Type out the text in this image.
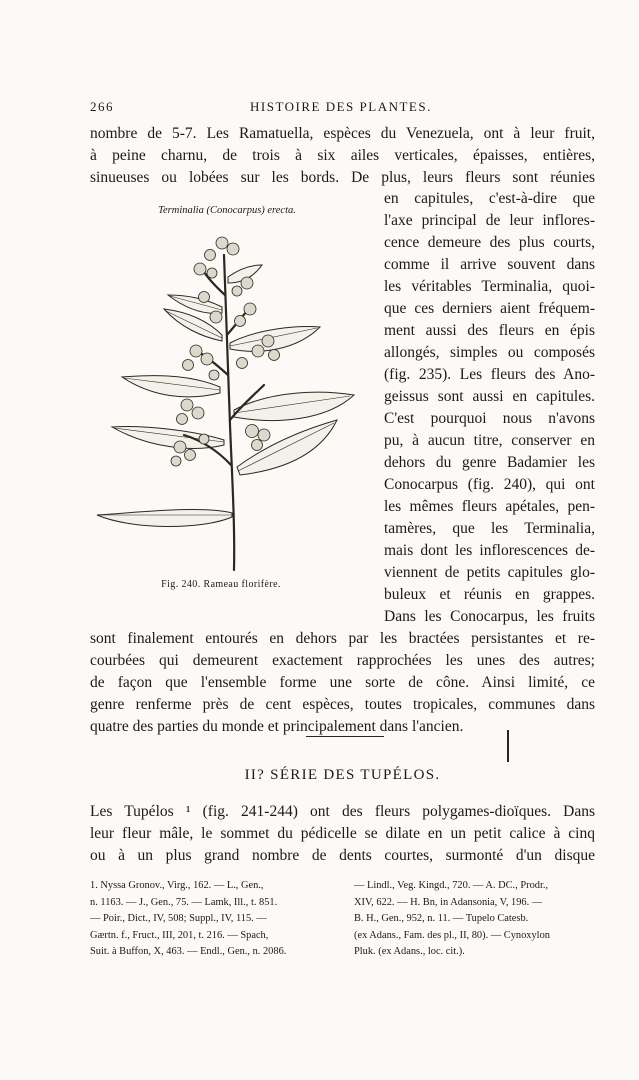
266	HISTOIRE DES PLANTES.
nombre de 5-7. Les Ramatuella, espèces du Venezuela, ont à leur fruit,
à peine charnu, de trois à six ailes verticales, épaisses, entières,
sinueuses ou lobées sur les bords. De plus, leurs fleurs sont réunies
en capitules, c'est-à-dire que
l'axe principal de leur inflores-
cence demeure des plus courts,
comme il arrive souvent dans
les véritables Terminalia, quoi-
que ces derniers aient fréquem-
ment aussi des fleurs en épis
allongés, simples ou composés
(fig. 235). Les fleurs des Ano-
geissus sont aussi en capitules.
C'est pourquoi nous n'avons
pu, à aucun titre, conserver en
dehors du genre Badamier les
Conocarpus (fig. 240), qui ont
les mêmes fleurs apétales, pen-
tamères, que les Terminalia,
mais dont les inflorescences de-
viennent de petits capitules glo-
buleux et réunis en grappes.
Dans les Conocarpus, les fruits
Terminalia (Conocarpus) erecta.
Fig. 240. Rameau florifère.
sont finalement entourés en dehors par les bractées persistantes et re-
courbées qui demeurent exactement rapprochées les unes des autres;
de façon que l'ensemble forme une sorte de cône. Ainsi limité, ce
genre renferme près de cent espèces, toutes tropicales, communes dans
quatre des parties du monde et principalement dans l'ancien.
II? SÉRIE DES TUPÉLOS.
Les Tupélos ¹ (fig. 241-244) ont des fleurs polygames-dioïques. Dans
leur fleur mâle, le sommet du pédicelle se dilate en un petit calice à cinq
ou à un plus grand nombre de dents courtes, surmonté d'un disque
1. Nyssa Gronov., Virg., 162. — L., Gen.,
n. 1163. — J., Gen., 75. — Lamk, Ill., t. 851.
— Poir., Dict., IV, 508; Suppl., IV, 115. —
Gærtn. f., Fruct., III, 201, t. 216. — Spach,
Suit. à Buffon, X, 463. — Endl., Gen., n. 2086.
— Lindl., Veg. Kingd., 720. — A. DC., Prodr.,
XIV, 622. — H. Bn, in Adansonia, V, 196. —
B. H., Gen., 952, n. 11. — Tupelo Catesb.
(ex Adans., Fam. des pl., II, 80). — Cynoxylon
Pluk. (ex Adans., loc. cit.).
